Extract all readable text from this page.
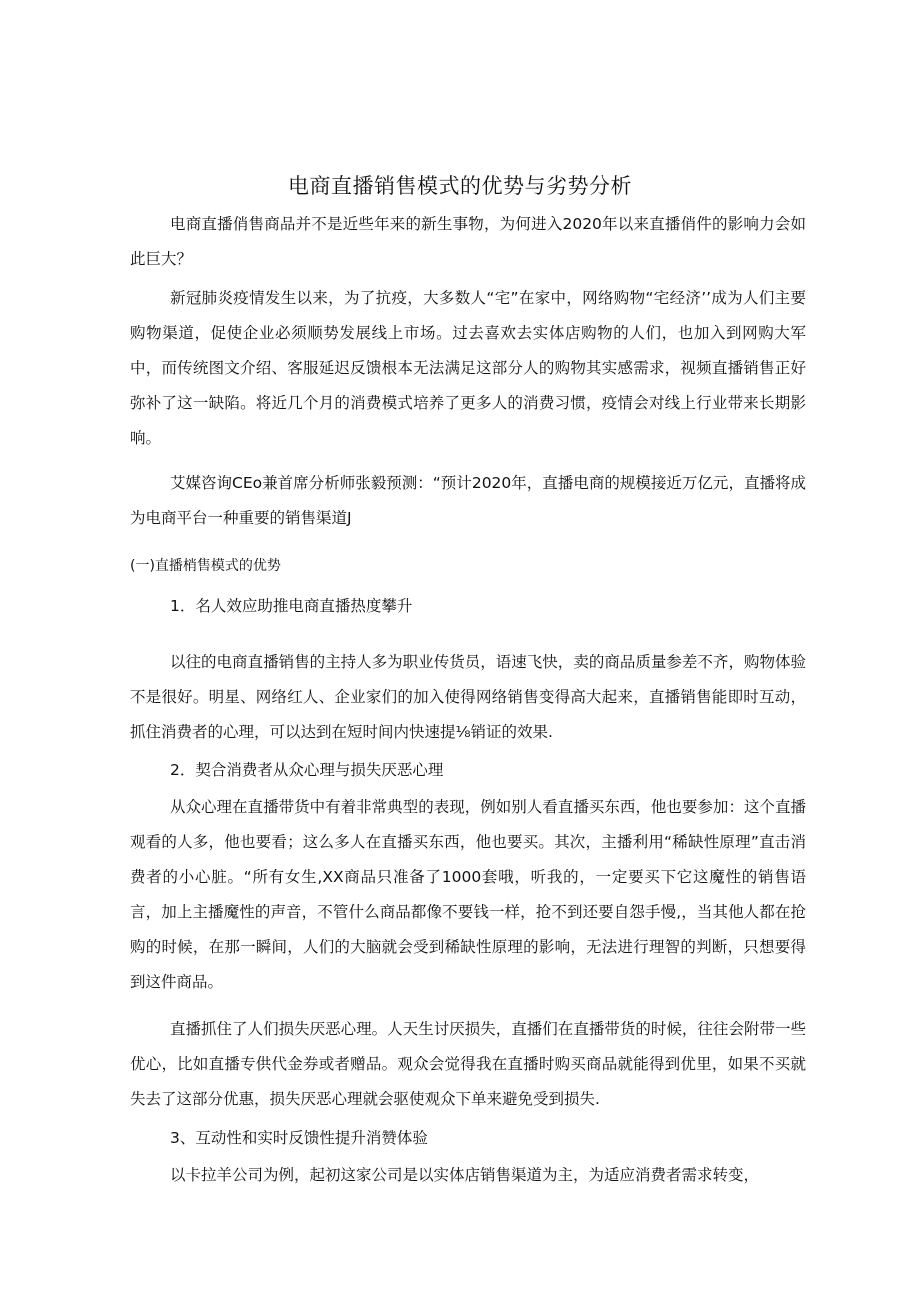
电商直播销售模式的优势与劣势分析

电商直播俏售商品并不是近些年来的新生事物，为何进入2020年以来直播俏件的影响力会如此巨大？

新冠肺炎疫情发生以来，为了抗疫，大多数人“宅”在家中，网络购物“宅经济’’成为人们主要购物渠道，促使企业必须顺势发展线上市场。过去喜欢去实体店购物的人们，也加入到网购大军中，而传统图文介绍、客服延迟反馈根本无法满足这部分人的购物其实感需求，视频直播销售正好弥补了这一缺陷。将近几个月的消费模式培养了更多人的消费习惯，疫情会对线上行业带来长期影响。

艾媒咨询CEo兼首席分析师张毅预测：“预计2020年，直播电商的规模接近万亿元，直播将成为电商平台一种重要的销售渠道J

(一)直播梢售模式的优势
1．名人效应助推电商直播热度攀升

以往的电商直播销售的主持人多为职业传货员，语速飞快，卖的商品质量参差不齐，购物体验不是很好。明星、网络红人、企业家们的加入使得网络销售变得高大起来，直播销售能即时互动，抓住消费者的心理，可以达到在短时间内快速提⅛销证的效果.

2．契合消费者从众心理与损失厌恶心理

从众心理在直播带货中有着非常典型的表现，例如别人看直播买东西，他也要参加：这个直播观看的人多，他也要看；这么多人在直播买东西，他也要买。其次，主播利用“稀缺性原理”直击消费者的小心脏。“所有女生,XX商品只准备了1000套哦，听我的，一定要买下它这魔性的销售语言，加上主播魔性的声音，不管什么商品都像不要钱一样，抢不到还要自怨手慢,，当其他人都在抢购的时候，在那一瞬间，人们的大脑就会受到稀缺性原理的影响，无法进行理智的判断，只想要得到这件商品。

直播抓住了人们损失厌恶心理。人天生讨厌损失，直播们在直播带货的时候，往往会附带一些优心，比如直播专供代金券或者赠品。观众会觉得我在直播时购买商品就能得到优里，如果不买就失去了这部分优惠，损失厌恶心理就会驱使观众下单来避免受到损失.

3、互动性和实时反馈性提升消赞体验

以卡拉羊公司为例，起初这家公司是以实体店销售渠道为主，为适应消费者需求转变，
